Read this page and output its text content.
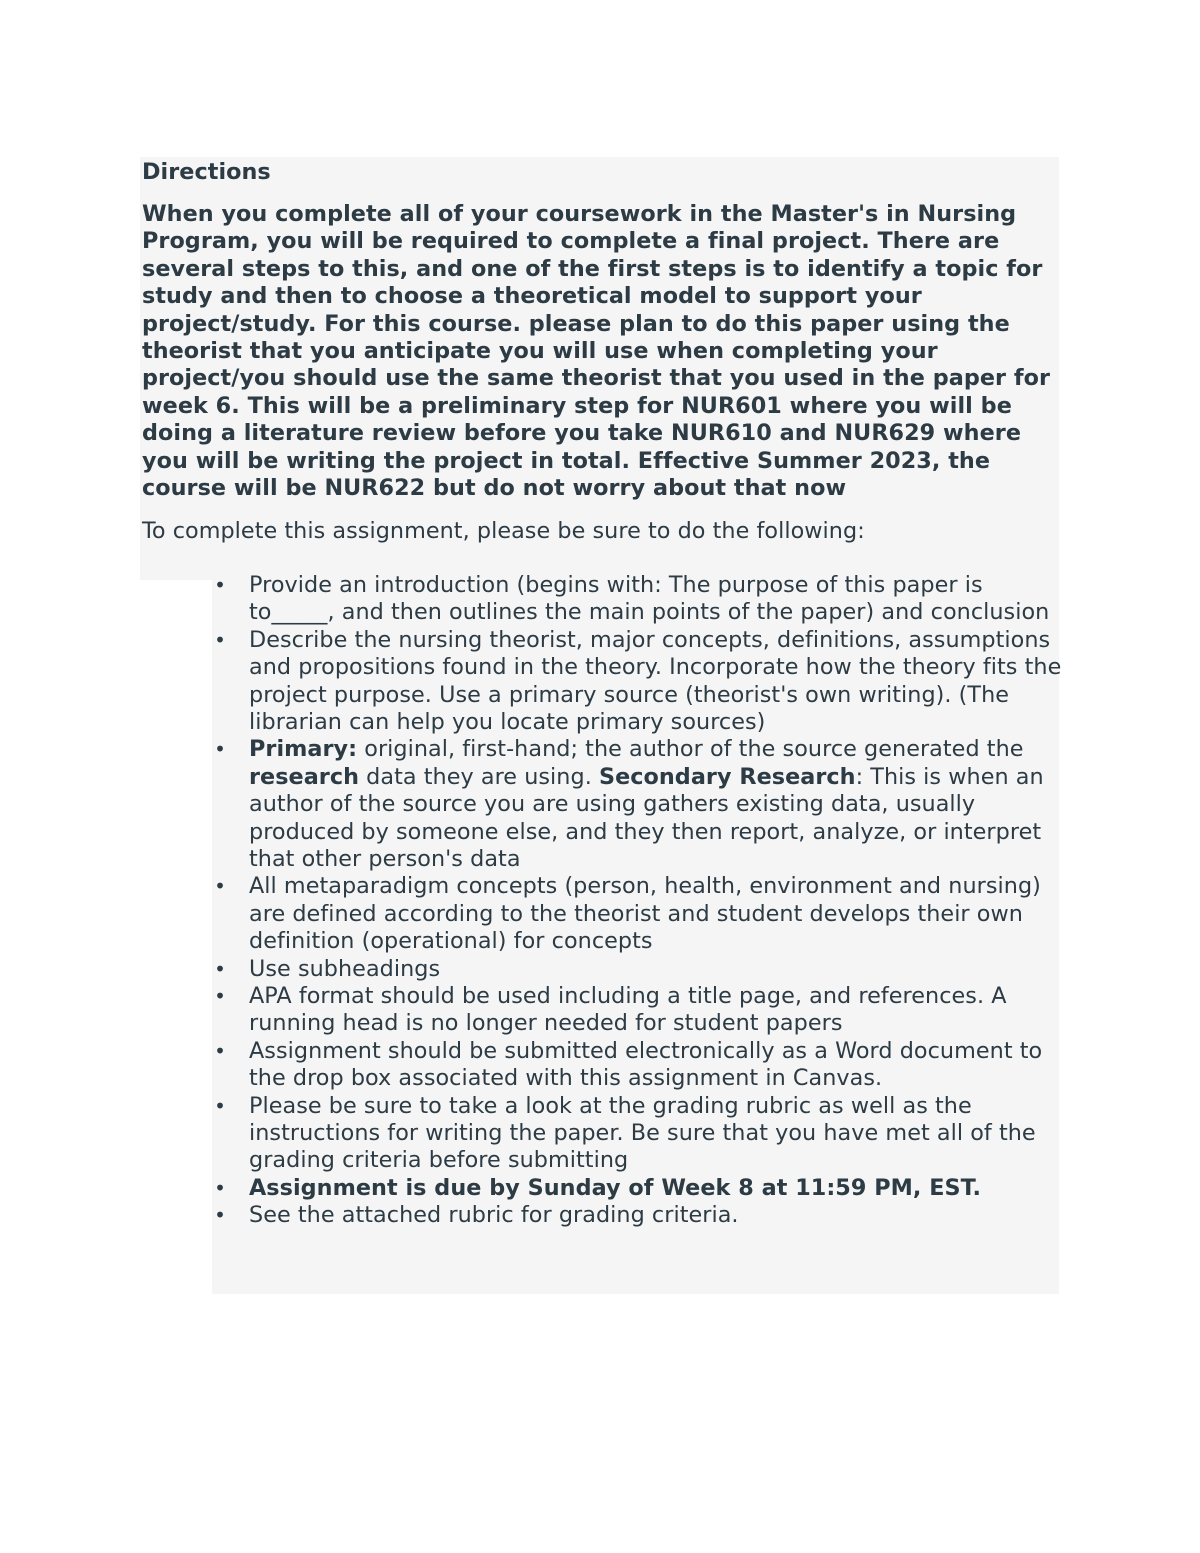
Directions

When you complete all of your coursework in the Master's in Nursing Program, you will be required to complete a final project. There are several steps to this, and one of the first steps is to identify a topic for study and then to choose a theoretical model to support your project/study. For this course. please plan to do this paper using the theorist that you anticipate you will use when completing your project/you should use the same theorist that you used in the paper for week 6. This will be a preliminary step for NUR601 where you will be doing a literature review before you take NUR610 and NUR629 where you will be writing the project in total. Effective Summer 2023, the course will be NUR622 but do not worry about that now

To complete this assignment, please be sure to do the following:

• Provide an introduction (begins with: The purpose of this paper is to_____, and then outlines the main points of the paper) and conclusion
• Describe the nursing theorist, major concepts, definitions, assumptions and propositions found in the theory. Incorporate how the theory fits the project purpose. Use a primary source (theorist's own writing). (The librarian can help you locate primary sources)
• Primary: original, first-hand; the author of the source generated the research data they are using. Secondary Research: This is when an author of the source you are using gathers existing data, usually produced by someone else, and they then report, analyze, or interpret that other person's data
• All metaparadigm concepts (person, health, environment and nursing) are defined according to the theorist and student develops their own definition (operational) for concepts
• Use subheadings
• APA format should be used including a title page, and references. A running head is no longer needed for student papers
• Assignment should be submitted electronically as a Word document to the drop box associated with this assignment in Canvas.
• Please be sure to take a look at the grading rubric as well as the instructions for writing the paper. Be sure that you have met all of the grading criteria before submitting
• Assignment is due by Sunday of Week 8 at 11:59 PM, EST.
• See the attached rubric for grading criteria.
